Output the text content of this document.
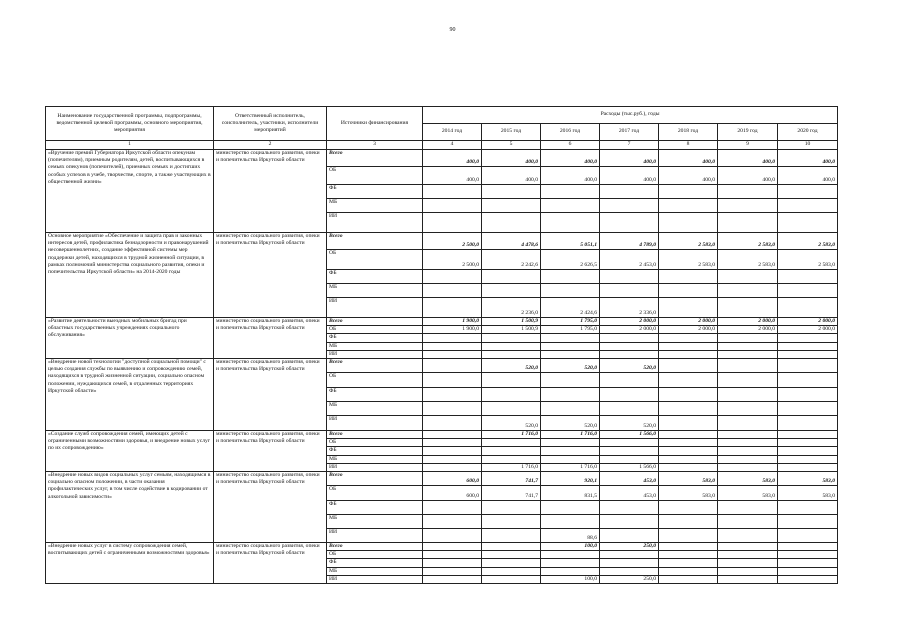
90
Наименование государственной программы, подпрограммы, ведомственной целевой программы, основного мероприятия, мероприятия	Ответственный исполнитель, соисполнитель, участники, исполнители мероприятий	Источники финансирования	Расходы (тыс.руб.), годы						
			2014 год	2015 год	2016 год	2017 год	2018 год	2019 год	2020 год
1	2	3	4	5	6	7	8	9	10
«Вручение премий Губернатора Иркутской области опекунам (попечителям), приемным родителям, детей, воспитывающихся в семьях опекунов (попечителей), приемных семьях и достигших особых успехов в учебе, творчестве, спорте, а также участвующих в общественной жизни»	министерство социального развития, опеки и попечительства Иркутской области	Всего	400,0	400,0	400,0	400,0	400,0	400,0	400,0
		ОБ	400,0	400,0	400,0	400,0	400,0	400,0	400,0
		ФБ							
		МБ							
		ИИ							
Основное мероприятие «Обеспечение и защита прав и законных интересов детей, профилактика безнадзорности и правонарушений несовершеннолетних, создание эффективной системы мер поддержки детей, находящихся в трудной жизненной ситуации, в рамках полномочий министерства социального развития, опеки и попечительства Иркутской области» на 2014-2020 годы	министерство социального развития, опеки и попечительства Иркутской области	Всего	2 500,0	4 478,6	5 051,1	4 789,0	2 583,0	2 583,0	2 583,0
		ОБ	2 500,0	2 242,6	2 626,5	2 453,0	2 583,0	2 583,0	2 583,0
		ФБ							
		МБ							
		ИИ		2 236,0	2 424,6	2 336,0			
«Развитие деятельности выездных мобильных бригад при областных государственных учреждениях социального обслуживания»	министерство социального развития, опеки и попечительства Иркутской области	Всего	1 900,0	1 500,9	1 795,0	2 000,0	2 000,0	2 000,0	2 000,0
		ОБ	1 900,0	1 500,9	1 795,0	2 000,0	2 000,0	2 000,0	2 000,0
		ФБ							
		МБ							
		ИИ							
«Внедрение новой технологии "доступной социальной помощи" с целью создания службы по выявлению и сопровождению семей, находящихся в трудной жизненной ситуации, социально опасном положении, нуждающихся семей, в отдаленных территориях Иркутской области»	министерство социального развития, опеки и попечительства Иркутской области	Всего		520,0	520,0	520,0			
		ОБ							
		ФБ							
		МБ							
		ИИ		520,0	520,0	520,0			
«Создание служб сопровождения семей, имеющих детей с ограниченными возможностями здоровья, и внедрение новых услуг по их сопровождению»	министерство социального развития, опеки и попечительства Иркутской области	Всего		1 716,0	1 716,0	1 566,0			
		ОБ							
		ФБ							
		МБ							
		ИИ		1 716,0	1 716,0	1 566,0			
«Внедрение новых видов социальных услуг семьям, находящимся в социально опасном положении, в части оказания профилактических услуг, в том числе содействие в кодировании от алкогольной зависимости»	министерство социального развития, опеки и попечительства Иркутской области	Всего	600,0	741,7	920,1	453,0	583,0	583,0	583,0
		ОБ	600,0	741,7	831,5	453,0	583,0	583,0	583,0
		ФБ							
		МБ							
		ИИ			88,6				
«Внедрение новых услуг в систему сопровождения семей, воспитывающих детей с ограниченными возможностями здоровья»	министерство социального развития, опеки и попечительства Иркутской области	Всего			100,0	250,0			
		ОБ							
		ФБ							
		МБ							
		ИИ			100,0	250,0			
